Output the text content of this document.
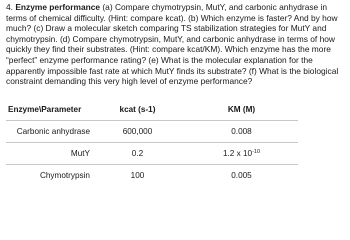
4. Enzyme performance (a) Compare chymotrypsin, MutY, and carbonic anhydrase in terms of chemical difficulty. (Hint: compare kcat). (b) Which enzyme is faster? And by how much? (c) Draw a molecular sketch comparing TS stabilization strategies for MutY and chymotrypsin. (d) Compare chymotrypsin, MutY, and carbonic anhydrase in terms of how quickly they find their substrates. (Hint: compare kcat/KM). Which enzyme has the more “perfect” enzyme performance rating? (e) What is the molecular explanation for the apparently impossible fast rate at which MutY finds its substrate? (f) What is the biological constraint demanding this very high level of enzyme performance?

Enzyme\Parameter	kcat (s-1)	KM (M)
Carbonic anhydrase	600,000	0.008
MutY	0.2	1.2 x $10^{-10}$
Chymotrypsin	100	0.005
